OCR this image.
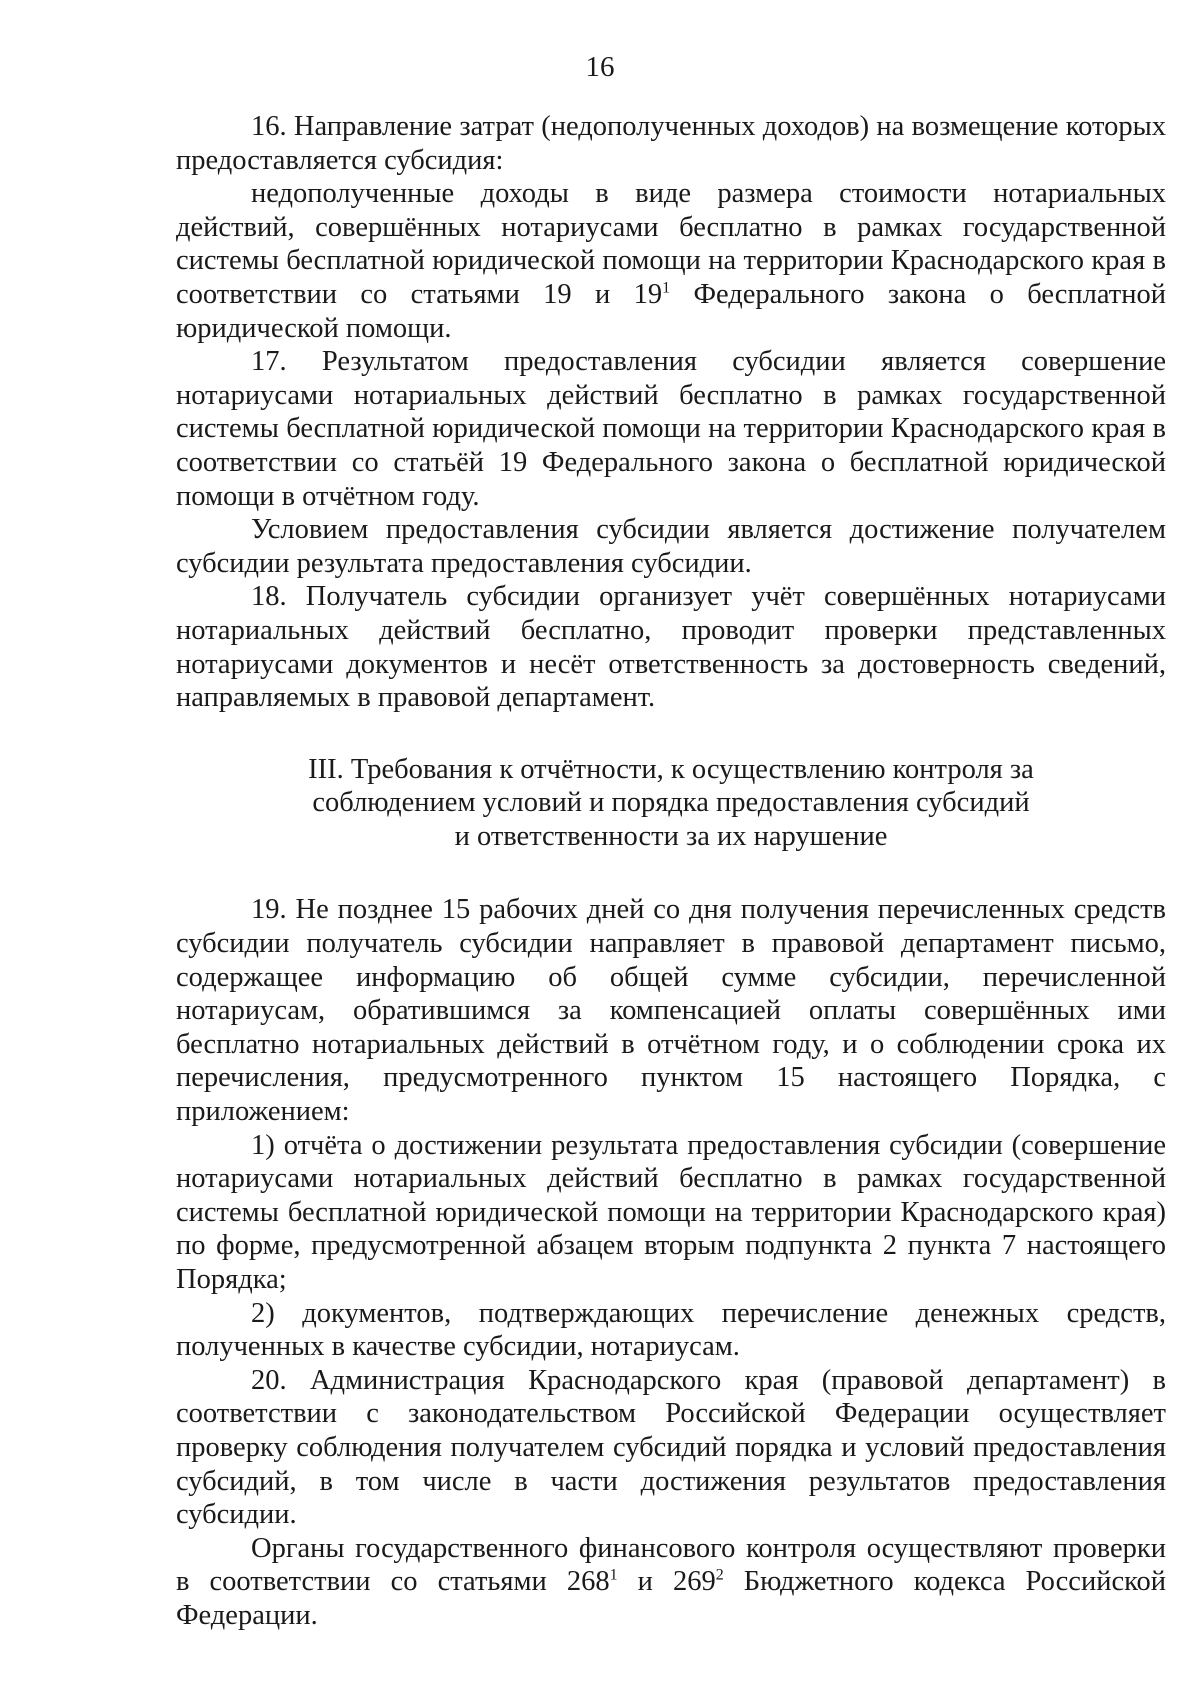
16

16. Направление затрат (недополученных доходов) на возмещение которых предоставляется субсидия:

недополученные доходы в виде размера стоимости нотариальных действий, совершённых нотариусами бесплатно в рамках государственной системы бесплатной юридической помощи на территории Краснодарского края в соответствии со статьями 19 и $19^1$ Федерального закона о бесплатной юридической помощи.

17. Результатом предоставления субсидии является совершение нотариусами нотариальных действий бесплатно в рамках государственной системы бесплатной юридической помощи на территории Краснодарского края в соответствии со статьёй 19 Федерального закона о бесплатной юридической помощи в отчётном году.

Условием предоставления субсидии является достижение получателем субсидии результата предоставления субсидии.

18. Получатель субсидии организует учёт совершённых нотариусами нотариальных действий бесплатно, проводит проверки представленных нотариусами документов и несёт ответственность за достоверность сведений, направляемых в правовой департамент.

III. Требования к отчётности, к осуществлению контроля за
соблюдением условий и порядка предоставления субсидий
и ответственности за их нарушение

19. Не позднее 15 рабочих дней со дня получения перечисленных средств субсидии получатель субсидии направляет в правовой департамент письмо, содержащее информацию об общей сумме субсидии, перечисленной нотариусам, обратившимся за компенсацией оплаты совершённых ими бесплатно нотариальных действий в отчётном году, и о соблюдении срока их перечисления, предусмотренного пунктом 15 настоящего Порядка, с приложением:

1) отчёта о достижении результата предоставления субсидии (совершение нотариусами нотариальных действий бесплатно в рамках государственной системы бесплатной юридической помощи на территории Краснодарского края) по форме, предусмотренной абзацем вторым подпункта 2 пункта 7 настоящего Порядка;

2) документов, подтверждающих перечисление денежных средств, полученных в качестве субсидии, нотариусам.

20. Администрация Краснодарского края (правовой департамент) в соответствии с законодательством Российской Федерации осуществляет проверку соблюдения получателем субсидий порядка и условий предоставления субсидий, в том числе в части достижения результатов предоставления субсидии.

Органы государственного финансового контроля осуществляют проверки в соответствии со статьями $268^1$ и $269^2$ Бюджетного кодекса Российской Федерации.
